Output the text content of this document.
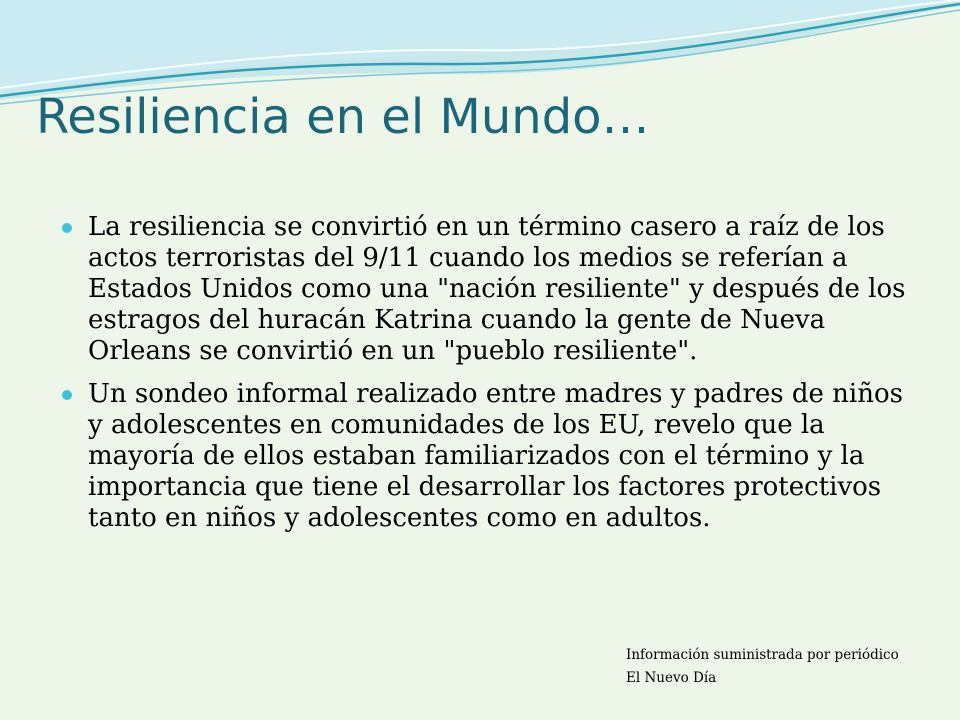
Resiliencia en el Mundo…
La resiliencia se convirtió en un término casero a raíz de los actos terroristas del 9/11 cuando los medios se referían a Estados Unidos como una "nación resiliente" y después de los estragos del huracán Katrina cuando la gente de Nueva Orleans se convirtió en un "pueblo resiliente".
Un sondeo informal realizado entre madres y padres de niños y adolescentes en comunidades de los EU, revelo que la mayoría de ellos estaban familiarizados con el término y la importancia que tiene el desarrollar los factores protectivos tanto en niños y adolescentes como en adultos.
Información suministrada por periódico
El Nuevo Día
